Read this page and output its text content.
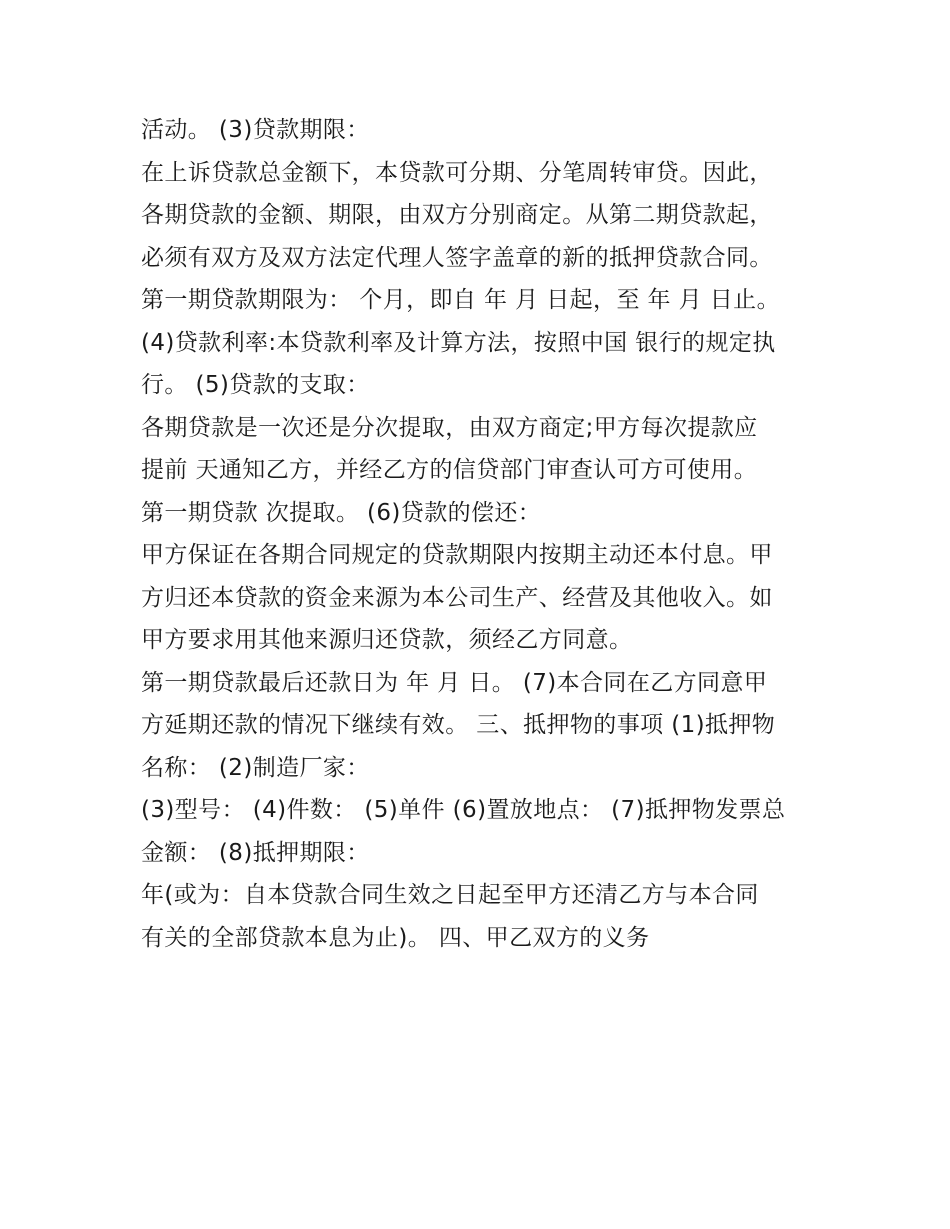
活动。 (3)贷款期限：
在上诉贷款总金额下，本贷款可分期、分笔周转审贷。因此，
各期贷款的金额、期限，由双方分别商定。从第二期贷款起，
必须有双方及双方法定代理人签字盖章的新的抵押贷款合同。
第一期贷款期限为： 个月，即自 年 月 日起，至 年 月 日止。
(4)贷款利率:本贷款利率及计算方法，按照中国 银行的规定执
行。 (5)贷款的支取：
各期贷款是一次还是分次提取，由双方商定;甲方每次提款应
提前 天通知乙方，并经乙方的信贷部门审查认可方可使用。
第一期贷款 次提取。 (6)贷款的偿还：
甲方保证在各期合同规定的贷款期限内按期主动还本付息。甲
方归还本贷款的资金来源为本公司生产、经营及其他收入。如
甲方要求用其他来源归还贷款，须经乙方同意。
第一期贷款最后还款日为 年 月 日。 (7)本合同在乙方同意甲
方延期还款的情况下继续有效。 三、抵押物的事项 (1)抵押物
名称： (2)制造厂家：
(3)型号： (4)件数： (5)单件 (6)置放地点： (7)抵押物发票总
金额： (8)抵押期限：
年(或为：自本贷款合同生效之日起至甲方还清乙方与本合同
有关的全部贷款本息为止)。 四、甲乙双方的义务
